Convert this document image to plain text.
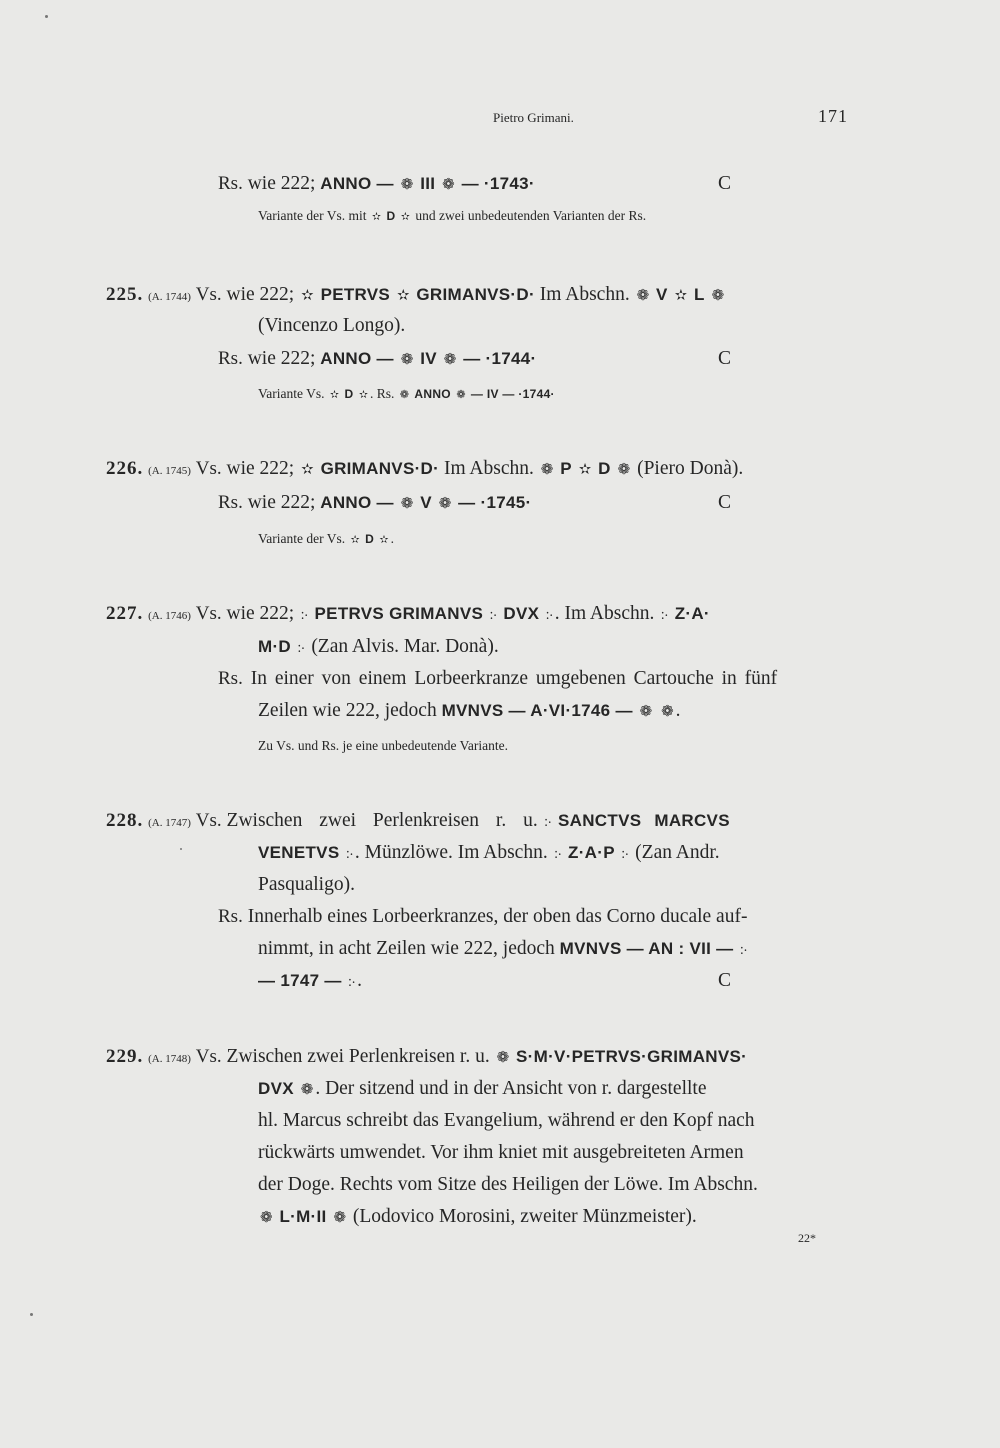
Pietro Grimani.	171
Rs. wie 222; ANNO — ❁ III ❁ — ·1743·	C
Variante der Vs. mit ✫ D ✫ und zwei unbedeutenden Varianten der Rs.
225. (A. 1744) Vs. wie 222; ✫ PETRVS ✫ GRIMANVS·D· Im Abschn. ❁ V ✫ L ❁
(Vincenzo Longo).
Rs. wie 222; ANNO — ❁ IV ❁ — ·1744·	C
Variante Vs. ✫ D ✫ . Rs. ❁ ANNO ❁ — IV — ·1744·
226. (A. 1745) Vs. wie 222; ✫ GRIMANVS·D· Im Abschn. ❁ P ✫ D ❁ (Piero Donà).
Rs. wie 222; ANNO — ❁ V ❁ — ·1745·	C
Variante der Vs. ✫ D ✫ .
227. (A. 1746) Vs. wie 222; ჻ PETRVS GRIMANVS ჻ DVX ჻ . Im Abschn. ჻ Z·A·
M·D ჻ (Zan Alvis. Mar. Donà).
Rs. In einer von einem Lorbeerkranze umgebenen Cartouche in fünf
Zeilen wie 222, jedoch MVNVS — A·VI·1746 — ❁ ❁ .
Zu Vs. und Rs. je eine unbedeutende Variante.
228. (A. 1747) Vs. Zwischen zwei Perlenkreisen r. u. ჻ SANCTVS MARCVS
VENETVS ჻ . Münzlöwe. Im Abschn. ჻ Z·A·P ჻ (Zan Andr.
Pasqualigo).
Rs. Innerhalb eines Lorbeerkranzes, der oben das Corno ducale auf-
nimmt, in acht Zeilen wie 222, jedoch MVNVS — AN : VII — ჻
— 1747 — ჻ .	C
229. (A. 1748) Vs. Zwischen zwei Perlenkreisen r. u. ❁ S·M·V·PETRVS·GRIMANVS·
DVX ❁ . Der sitzend und in der Ansicht von r. dargestellte
hl. Marcus schreibt das Evangelium, während er den Kopf nach
rückwärts umwendet. Vor ihm kniet mit ausgebreiteten Armen
der Doge. Rechts vom Sitze des Heiligen der Löwe. Im Abschn.
❁ L·M·II ❁ (Lodovico Morosini, zweiter Münzmeister).
22*
